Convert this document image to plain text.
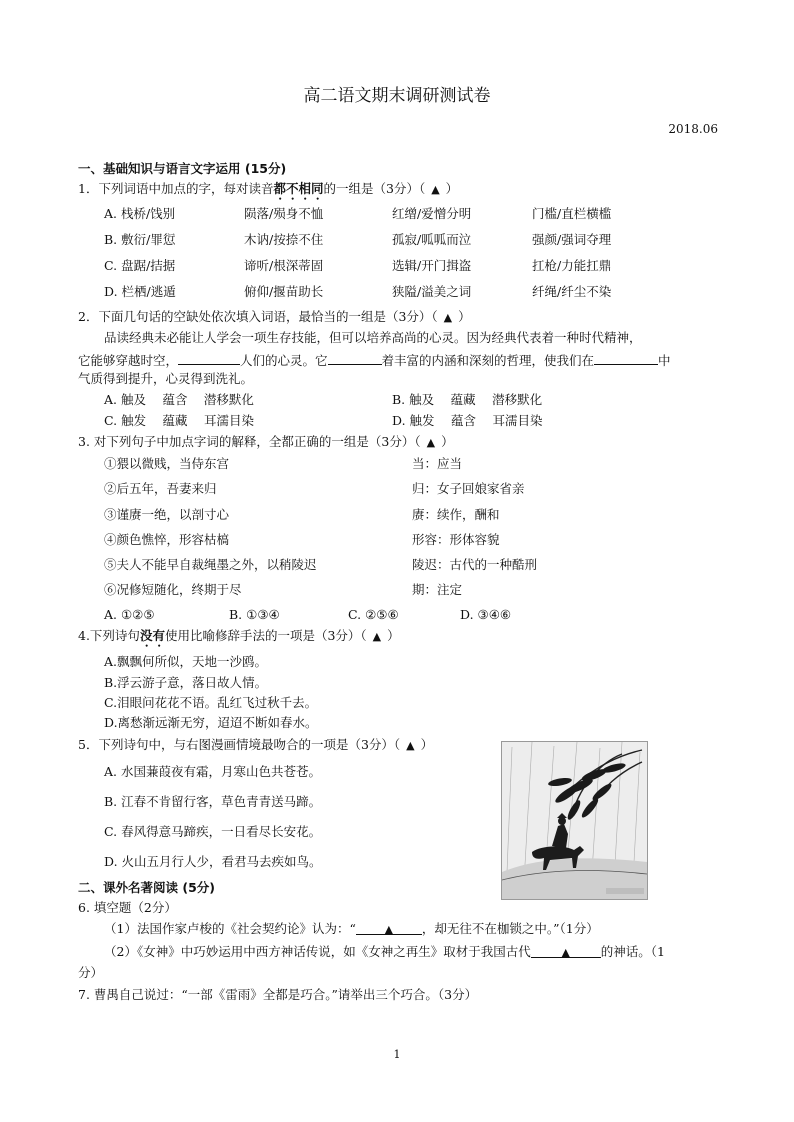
高二语文期末调研测试卷
2018.06
一、基础知识与语言文字运用 (15分)
1．下列词语中加点的字，每对读音都不相同的一组是（3分）（ ▲ ）
A. 栈桥/饯别	陨落/殒身不恤	红缯/爱憎分明	门槛/直栏横槛
B. 敷衍/罪愆	木讷/按捺不住	孤寂/呱呱而泣	强颜/强词夺理
C. 盘踞/拮据	谛听/根深蒂固	选辑/开门揖盗	扛枪/力能扛鼎
D. 栏栖/逃遁	俯仰/揠苗助长	狭隘/溢美之词	纤绳/纤尘不染
2．下面几句话的空缺处依次填入词语，最恰当的一组是（3分）（ ▲ ）
品读经典未必能让人学会一项生存技能，但可以培养高尚的心灵。因为经典代表着一种时代精神，
它能够穿越时空，	人们的心灵。它	着丰富的内涵和深刻的哲理，使我们在	中
气质得到提升，心灵得到洗礼。
A. 触及　 蕴含　 潜移默化	B. 触及　 蕴藏　 潜移默化
C. 触发　 蕴藏　 耳濡目染	D. 触发　 蕴含　 耳濡目染
3. 对下列句子中加点字词的解释，全都正确的一组是（3分）（ ▲ ）
①猥以微贱，当侍东宫	当：应当
②后五年，吾妻来归	归：女子回娘家省亲
③谨赓一绝，以剖寸心	赓：续作，酬和
④颜色憔悴，形容枯槁	形容：形体容貌
⑤夫人不能早自裁绳墨之外，以稍陵迟	陵迟：古代的一种酷刑
⑥况修短随化，终期于尽	期：注定
A. ①②⑤	B. ①③④	C. ②⑤⑥	D. ③④⑥
4.下列诗句没有使用比喻修辞手法的一项是（3分）（ ▲ ）
A.飘飘何所似，天地一沙鸥。
B.浮云游子意，落日故人情。
C.泪眼问花花不语。乱红飞过秋千去。
D.离愁渐远渐无穷，迢迢不断如春水。
5．下列诗句中，与右图漫画情境最吻合的一项是（3分）（ ▲ ）
A. 水国蒹葭夜有霜，月寒山色共苍苍。
B. 江春不肯留行客，草色青青送马蹄。
C. 春风得意马蹄疾，一日看尽长安花。
D. 火山五月行人少，看君马去疾如鸟。
二、课外名著阅读 (5分)
6. 填空题（2分）
（1）法国作家卢梭的《社会契约论》认为：“	▲ ，却无往不在枷锁之中。”（1分）
（2）《女神》中巧妙运用中西方神话传说，如《女神之再生》取材于我国古代	▲ 的神话。（1
分）
7. 曹禺自己说过：“一部《雷雨》全都是巧合。”请举出三个巧合。（3分）
1
